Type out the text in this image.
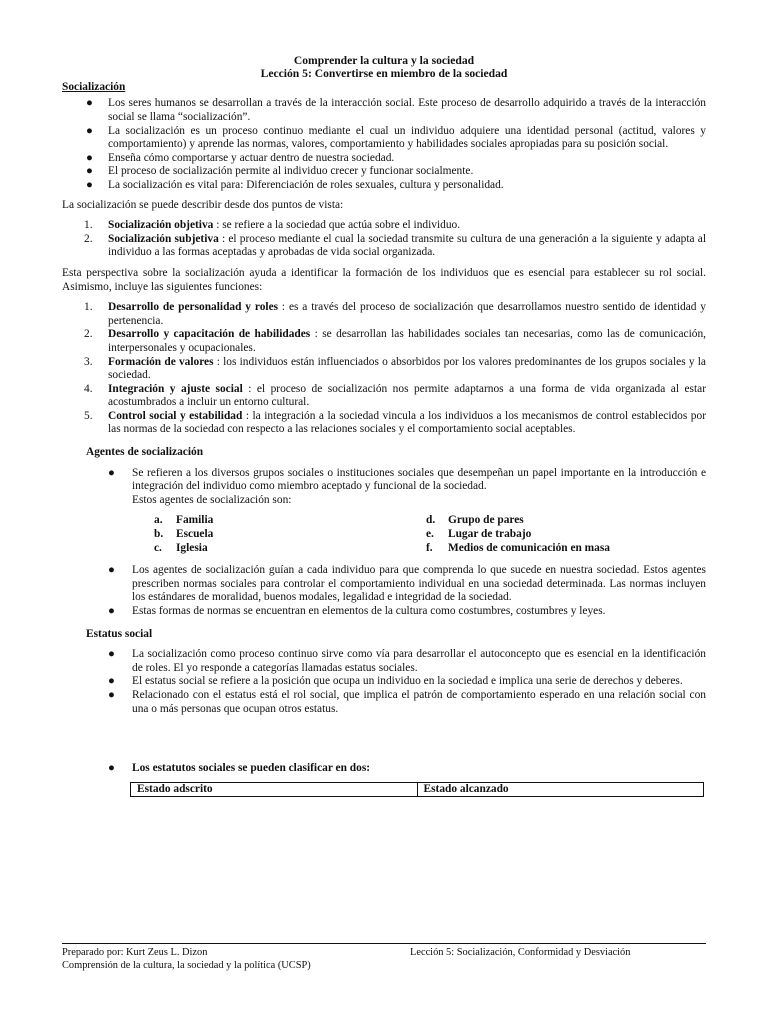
Comprender la cultura y la sociedad
Lección 5: Convertirse en miembro de la sociedad
Socialización
● Los seres humanos se desarrollan a través de la interacción social. Este proceso de desarrollo adquirido a través de la interacción social se llama “socialización”.
● La socialización es un proceso continuo mediante el cual un individuo adquiere una identidad personal (actitud, valores y comportamiento) y aprende las normas, valores, comportamiento y habilidades sociales apropiadas para su posición social.
● Enseña cómo comportarse y actuar dentro de nuestra sociedad.
● El proceso de socialización permite al individuo crecer y funcionar socialmente.
● La socialización es vital para: Diferenciación de roles sexuales, cultura y personalidad.

La socialización se puede describir desde dos puntos de vista:

1. Socialización objetiva : se refiere a la sociedad que actúa sobre el individuo.
2. Socialización subjetiva : el proceso mediante el cual la sociedad transmite su cultura de una generación a la siguiente y adapta al individuo a las formas aceptadas y aprobadas de vida social organizada.

Esta perspectiva sobre la socialización ayuda a identificar la formación de los individuos que es esencial para establecer su rol social. Asimismo, incluye las siguientes funciones:

1. Desarrollo de personalidad y roles : es a través del proceso de socialización que desarrollamos nuestro sentido de identidad y pertenencia.
2. Desarrollo y capacitación de habilidades : se desarrollan las habilidades sociales tan necesarias, como las de comunicación, interpersonales y ocupacionales.
3. Formación de valores : los individuos están influenciados o absorbidos por los valores predominantes de los grupos sociales y la sociedad.
4. Integración y ajuste social : el proceso de socialización nos permite adaptarnos a una forma de vida organizada al estar acostumbrados a incluir un entorno cultural.
5. Control social y estabilidad : la integración a la sociedad vincula a los individuos a los mecanismos de control establecidos por las normas de la sociedad con respecto a las relaciones sociales y el comportamiento social aceptables.
Agentes de socialización
● Se refieren a los diversos grupos sociales o instituciones sociales que desempeñan un papel importante en la introducción e integración del individuo como miembro aceptado y funcional de la sociedad.
Estos agentes de socialización son:
a. Familia
b. Escuela
c. Iglesia
d. Grupo de pares
e. Lugar de trabajo
f. Medios de comunicación en masa
● Los agentes de socialización guían a cada individuo para que comprenda lo que sucede en nuestra sociedad. Estos agentes prescriben normas sociales para controlar el comportamiento individual en una sociedad determinada. Las normas incluyen los estándares de moralidad, buenos modales, legalidad e integridad de la sociedad.
● Estas formas de normas se encuentran en elementos de la cultura como costumbres, costumbres y leyes.
Estatus social
● La socialización como proceso continuo sirve como vía para desarrollar el autoconcepto que es esencial en la identificación de roles. El yo responde a categorías llamadas estatus sociales.
● El estatus social se refiere a la posición que ocupa un individuo en la sociedad e implica una serie de derechos y deberes.
● Relacionado con el estatus está el rol social, que implica el patrón de comportamiento esperado en una relación social con una o más personas que ocupan otros estatus.
● Los estatutos sociales se pueden clasificar en dos:
Estado adscrito	Estado alcanzado
Preparado por: Kurt Zeus L. Dizon	Lección 5: Socialización, Conformidad y Desviación
Comprensión de la cultura, la sociedad y la política (UCSP)
